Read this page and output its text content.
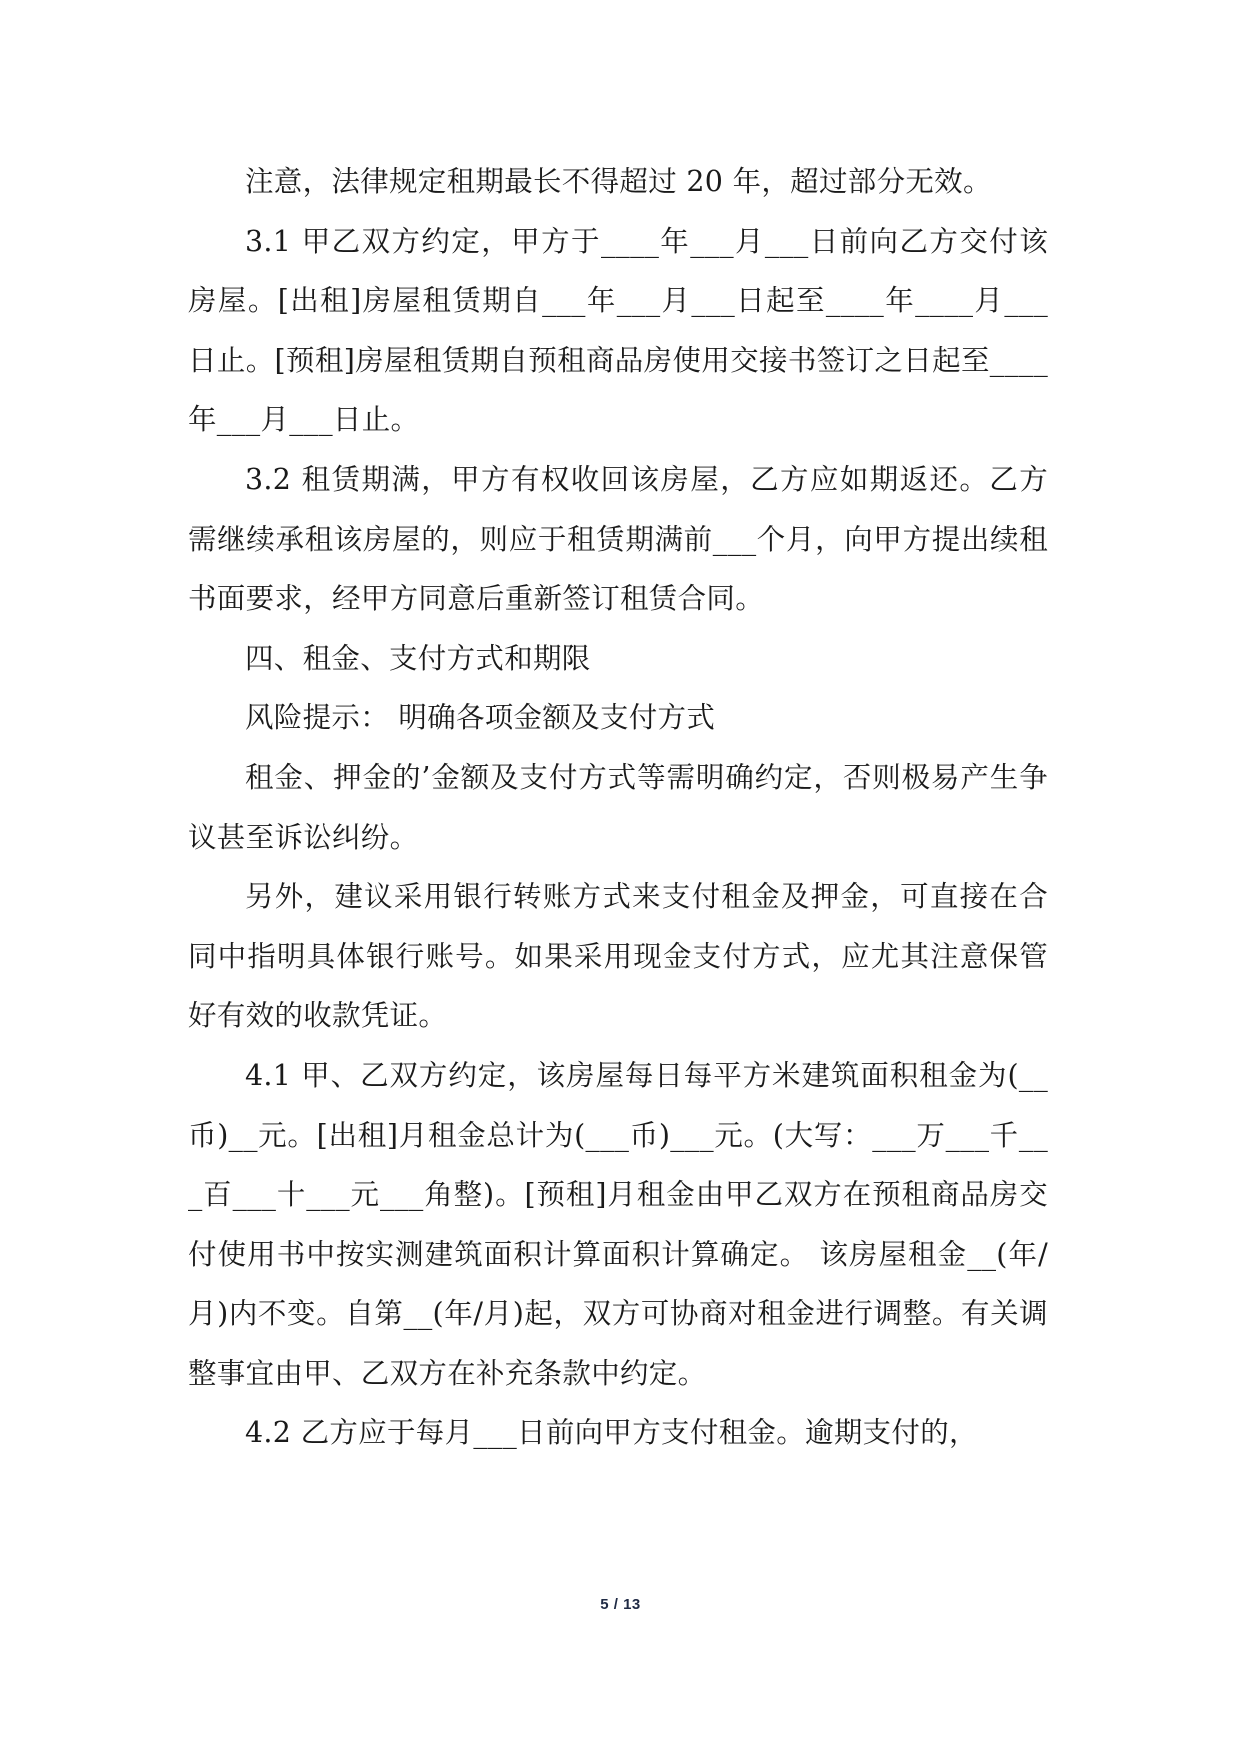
注意，法律规定租期最长不得超过 20 年，超过部分无效。

3.1 甲乙双方约定，甲方于____年___月___日前向乙方交付该房屋。[出租]房屋租赁期自___年___月___日起至____年____月___日止。[预租]房屋租赁期自预租商品房使用交接书签订之日起至____年___月___日止。

3.2 租赁期满，甲方有权收回该房屋，乙方应如期返还。乙方需继续承租该房屋的，则应于租赁期满前___个月，向甲方提出续租书面要求，经甲方同意后重新签订租赁合同。

四、租金、支付方式和期限

风险提示： 明确各项金额及支付方式

租金、押金的’金额及支付方式等需明确约定，否则极易产生争议甚至诉讼纠纷。

另外，建议采用银行转账方式来支付租金及押金，可直接在合同中指明具体银行账号。如果采用现金支付方式，应尤其注意保管好有效的收款凭证。

4.1 甲、乙双方约定，该房屋每日每平方米建筑面积租金为(__币)__元。[出租]月租金总计为(___币)___元。(大写：___万___千___百___十___元___角整)。[预租]月租金由甲乙双方在预租商品房交付使用书中按实测建筑面积计算面积计算确定。 该房屋租金__(年/月)内不变。自第__(年/月)起，双方可协商对租金进行调整。有关调整事宜由甲、乙双方在补充条款中约定。

4.2 乙方应于每月___日前向甲方支付租金。逾期支付的，

5 / 13
